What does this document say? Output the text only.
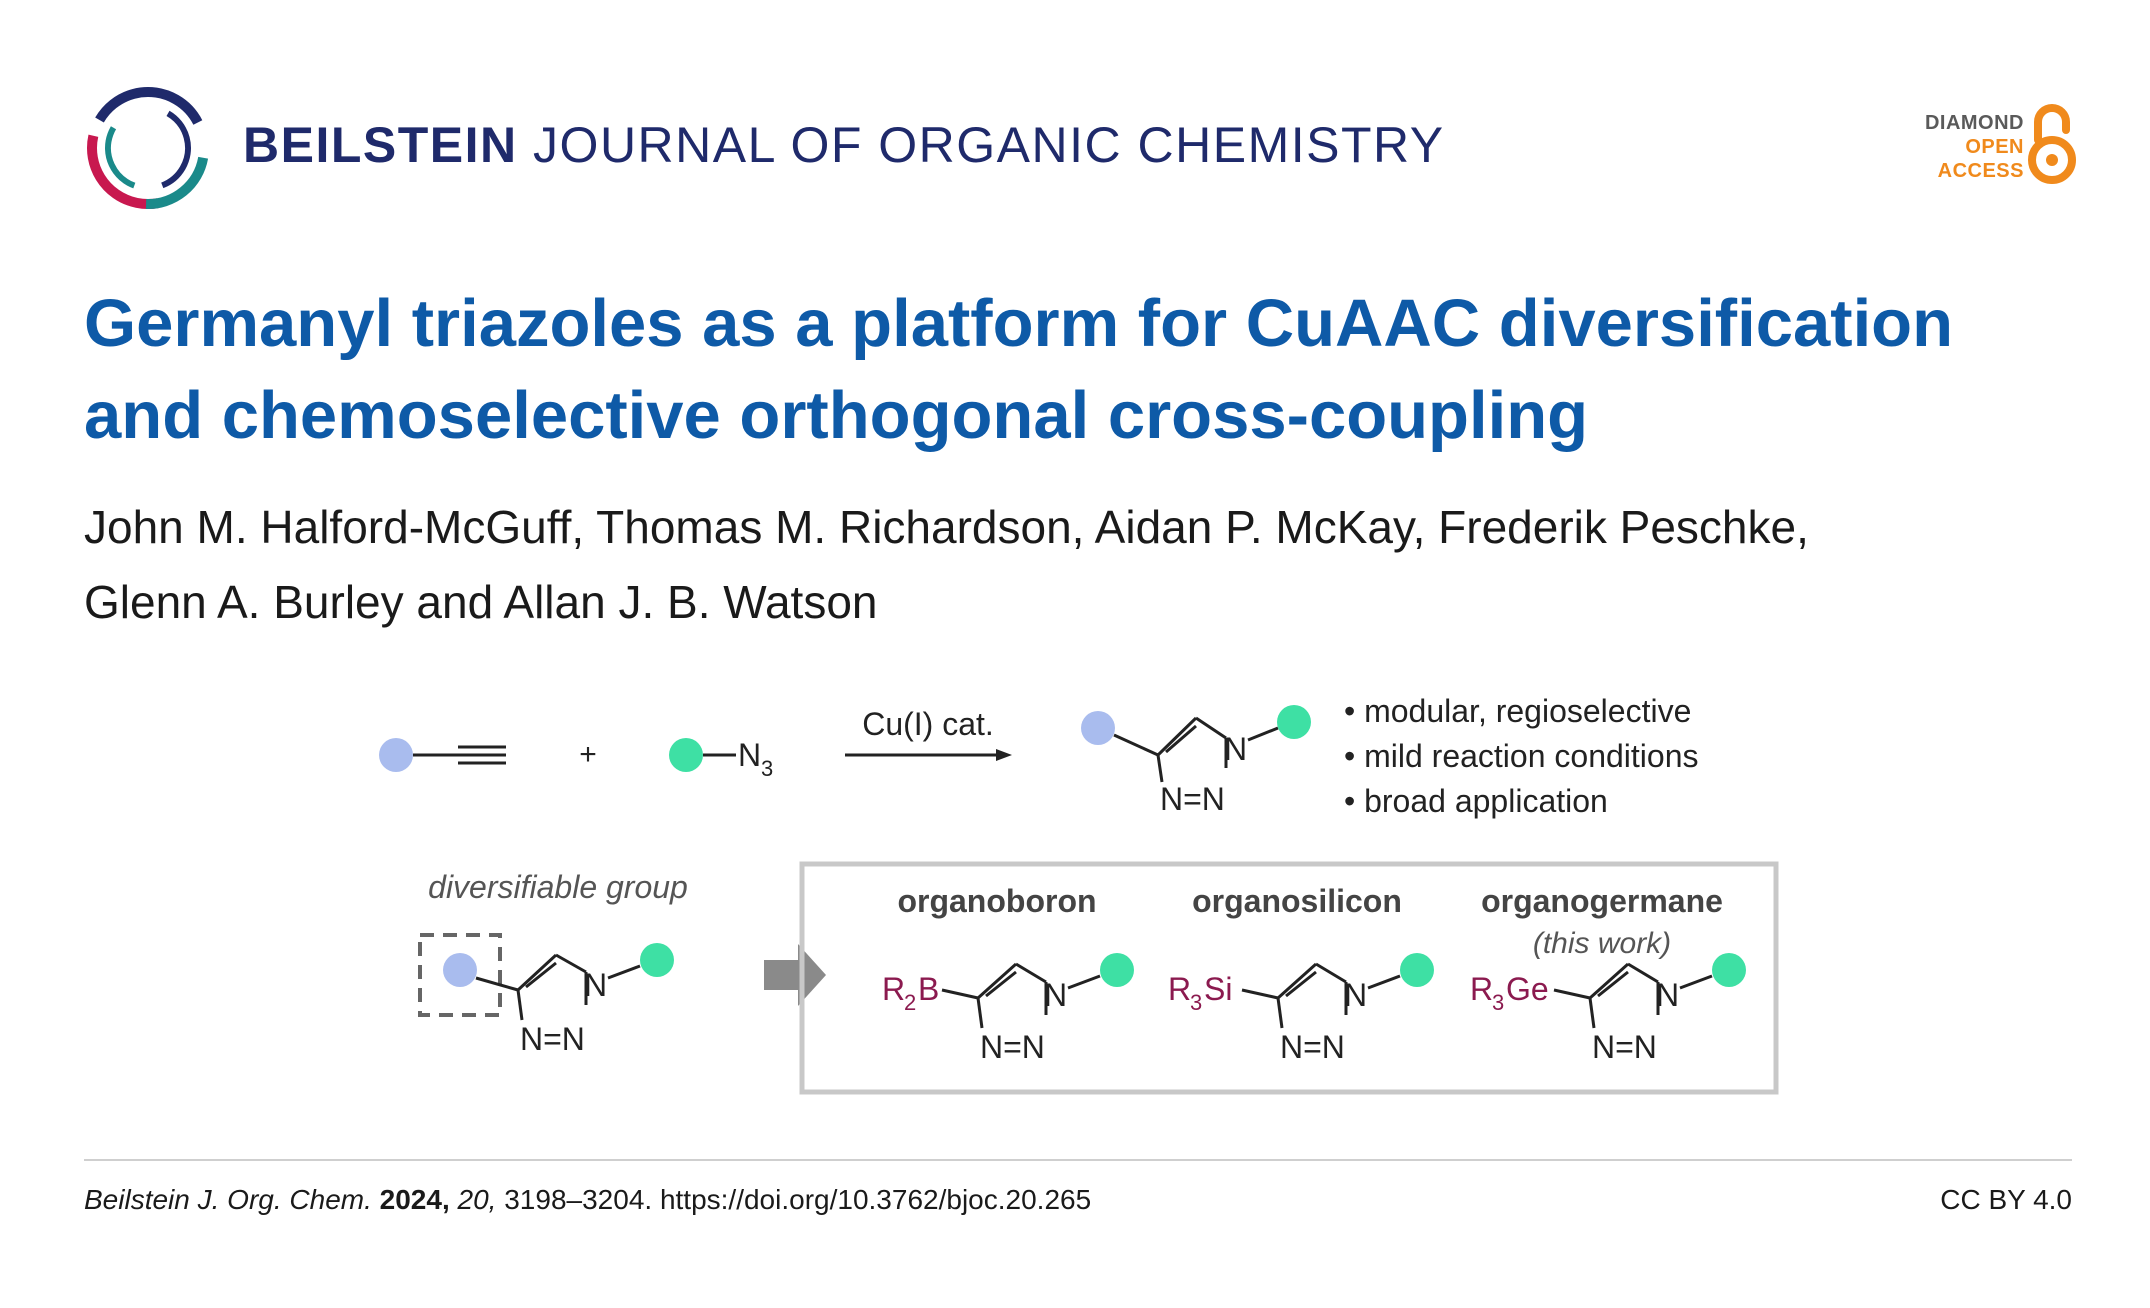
BEILSTEIN JOURNAL OF ORGANIC CHEMISTRY	DIAMOND
OPEN
ACCESS
Germanyl triazoles as a platform for CuAAC diversification
and chemoselective orthogonal cross-coupling
John M. Halford-McGuff, Thomas M. Richardson, Aidan P. McKay, Frederik Peschke,
Glenn A. Burley and Allan J. B. Watson
+	N 3
Cu(I) cat.
N
N=N
• modular, regioselective
• mild reaction conditions
• broad application
diversifiable group
N
N=N
organoboron
R
2 B	N
N=N
organosilicon
R
3 Si	N
N=N
organogermane
(this work)
R
3 Ge	N
N=N
Beilstein J. Org. Chem. 2024, 20, 3198–3204. https://doi.org/10.3762/bjoc.20.265	CC BY 4.0
